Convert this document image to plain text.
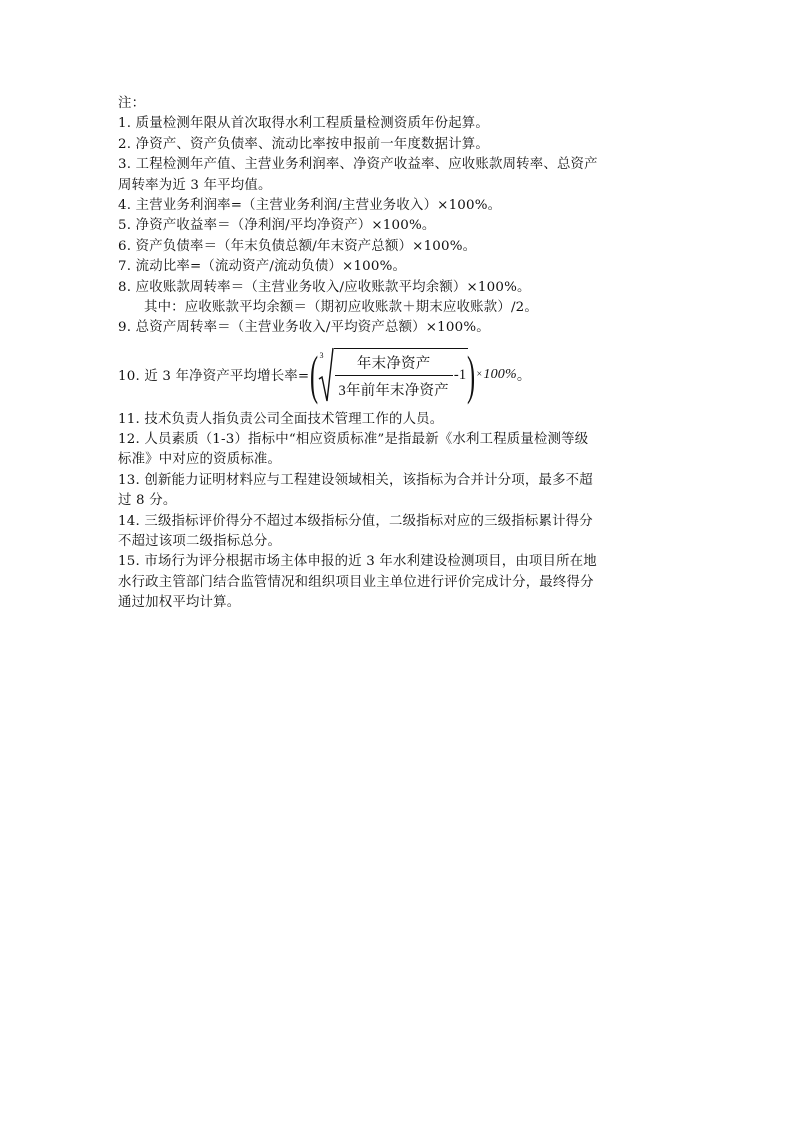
注：
1. 质量检测年限从首次取得水利工程质量检测资质年份起算。
2. 净资产、资产负债率、流动比率按申报前一年度数据计算。
3. 工程检测年产值、主营业务利润率、净资产收益率、应收账款周转率、总资产
周转率为近 3 年平均值。
4. 主营业务利润率=（主营业务利润/主营业务收入）×100%。
5. 净资产收益率＝（净利润/平均净资产）×100%。
6. 资产负债率＝（年末负债总额/年末资产总额）×100%。
7. 流动比率=（流动资产/流动负债）×100%。
8. 应收账款周转率＝（主营业务收入/应收账款平均余额）×100%。
其中：应收账款平均余额＝（期初应收账款＋期末应收账款）/2。
9. 总资产周转率＝（主营业务收入/平均资产总额）×100%。
10. 近 3 年净资产平均增长率= ( $3 \frac{\text{年末净资产}}{\text{3年前年末净资产}} -1$ ) × 100% 。
11. 技术负责人指负责公司全面技术管理工作的人员。
12. 人员素质（1-3）指标中“相应资质标准”是指最新《水利工程质量检测等级
标准》中对应的资质标准。
13. 创新能力证明材料应与工程建设领域相关，该指标为合并计分项，最多不超
过 8 分。
14. 三级指标评价得分不超过本级指标分值，二级指标对应的三级指标累计得分
不超过该项二级指标总分。
15. 市场行为评分根据市场主体申报的近 3 年水利建设检测项目，由项目所在地
水行政主管部门结合监管情况和组织项目业主单位进行评价完成计分，最终得分
通过加权平均计算。
